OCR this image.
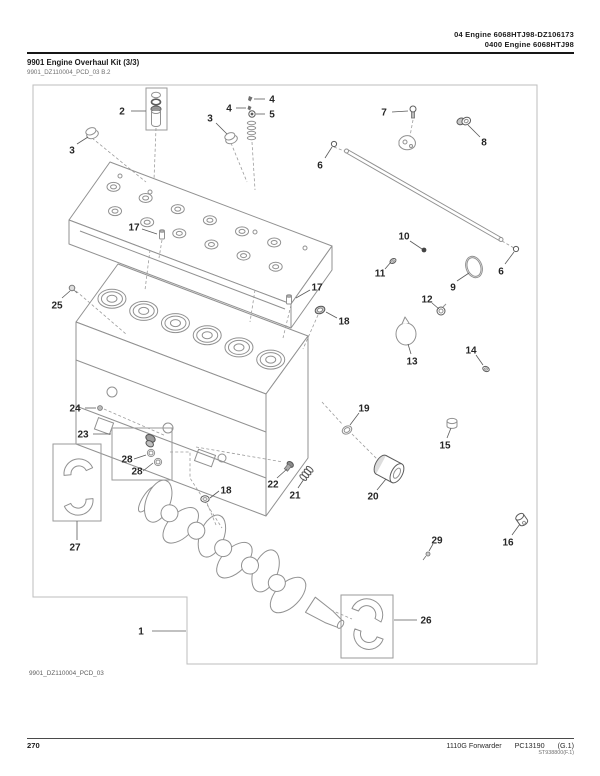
04 Engine 6068HTJ98-DZ106173
0400 Engine 6068HTJ98
9901 Engine Overhaul Kit (3/3)
9901_DZ110004_PCD_03 B.2
1
2
3
3
4
4
5
6
6
7
8
9
10
11
12
13
14
15
16
17
17
18
18
19
20
21
22
23
24
25
26
27
28
28
29
9901_DZ110004_PCD_03
270	1110G Forwarder PC13190 (G.1)
ST938800(F.1)
